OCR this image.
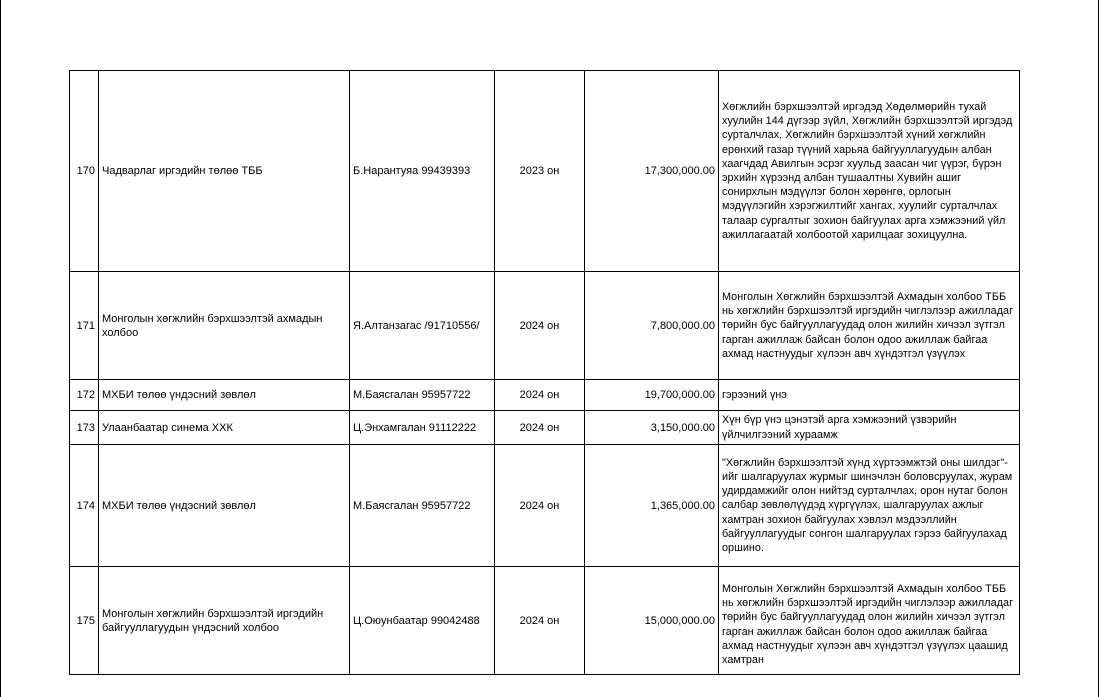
170	Чадварлаг иргэдийн төлөө ТББ	Б.Нарантуяа 99439393	2023 он	17,300,000.00	Хөгжлийн бэрхшээлтэй иргэдэд Хөдөлмөрийн тухай хуулийн 144 дүгээр зүйл, Хөгжлийн бэрхшээлтэй иргэдэд сурталчлах, Хөгжлийн бэрхшээлтэй хүний хөгжлийн ерөнхий газар түүний харьяа байгууллагуудын албан хаагчдад Авилгын эсрэг хуульд заасан чиг үүрэг, бүрэн эрхийн хүрээнд албан тушаалтны Хувийн ашиг сонирхлын мэдүүлэг болон хөрөнгө, орлогын мэдүүлэгийн хэрэгжилтийг хангах, хуулийг сурталчлах талаар сургалтыг зохион байгуулах арга хэмжээний үйл ажиллагаатай холбоотой харилцааг зохицуулна.
171	Монголын хөгжлийн бэрхшээлтэй ахмадын холбоо	Я.Алтанзагас /91710556/	2024 он	7,800,000.00	Монголын Хөгжлийн бэрхшээлтэй Ахмадын холбоо ТББ нь хөгжлийн бэрхшээлтэй иргэдийн чиглэлээр ажилладаг төрийн бус байгууллагуудад олон жилийн хичээл зүтгэл гарган ажиллаж байсан болон одоо ажиллаж байгаа ахмад настнуудыг хүлээн авч хүндэтгэл үзүүлэх
172	МХБИ төлөө үндэсний зөвлөл	М.Баясгалан 95957722	2024 он	19,700,000.00	гэрээний үнэ
173	Улаанбаатар синема ХХК	Ц.Энхамгалан 91112222	2024 он	3,150,000.00	Хүн бүр үнэ цэнэтэй арга хэмжээний үзвэрийн үйлчилгээний хураамж
174	МХБИ төлөө үндэсний зөвлөл	М.Баясгалан 95957722	2024 он	1,365,000.00	"Хөгжлийн бэрхшээлтэй хүнд хүртээмжтэй оны шилдэг"-ийг шалгаруулах журмыг шинэчлэн боловсруулах, журам удирдамжийг олон нийтэд сурталчлах, орон нутаг болон салбар зөвлөлүүдэд хүргүүлэх, шалгаруулах ажлыг хамтран зохион байгуулах хэвлэл мэдээллийн байгууллагуудыг сонгон шалгаруулах гэрээ байгуулахад оршино.
175	Монголын хөгжлийн бэрхшээлтэй иргэдийн байгууллагуудын үндэсний холбоо	Ц.Оюунбаатар 99042488	2024 он	15,000,000.00	Монголын Хөгжлийн бэрхшээлтэй Ахмадын холбоо ТББ нь хөгжлийн бэрхшээлтэй иргэдийн чиглэлээр ажилладаг төрийн бус байгууллагуудад олон жилийн хичээл зүтгэл гарган ажиллаж байсан болон одоо ажиллаж байгаа ахмад настнуудыг хүлээн авч хүндэтгэл үзүүлэх цаашид хамтран
